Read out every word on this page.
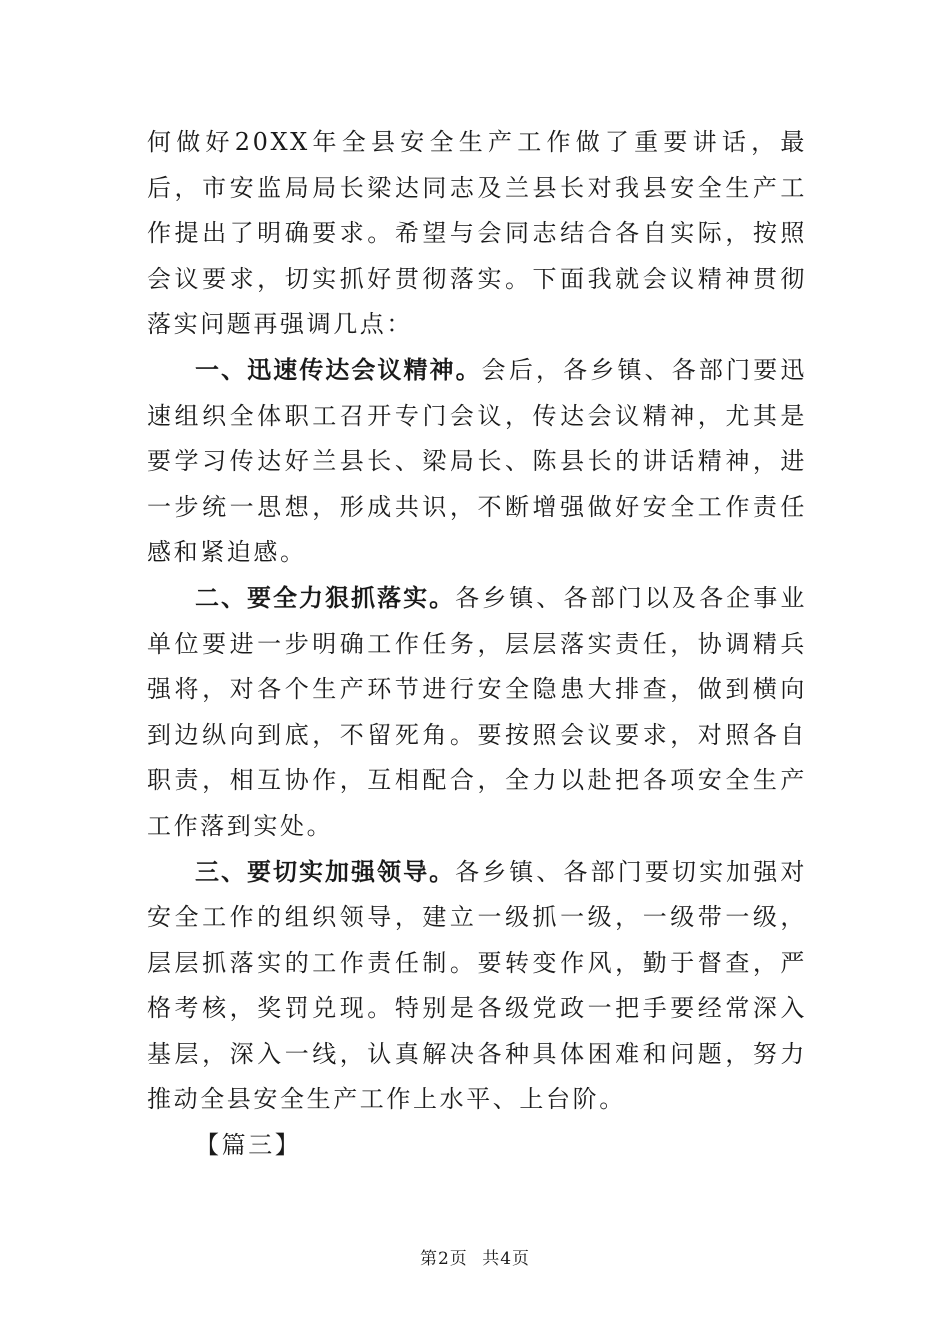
何做好20XX年全县安全生产工作做了重要讲话，最后，市安监局局长梁达同志及兰县长对我县安全生产工作提出了明确要求。希望与会同志结合各自实际，按照会议要求，切实抓好贯彻落实。下面我就会议精神贯彻落实问题再强调几点：

一、迅速传达会议精神。会后，各乡镇、各部门要迅速组织全体职工召开专门会议，传达会议精神，尤其是要学习传达好兰县长、梁局长、陈县长的讲话精神，进一步统一思想，形成共识，不断增强做好安全工作责任感和紧迫感。

二、要全力狠抓落实。各乡镇、各部门以及各企事业单位要进一步明确工作任务，层层落实责任，协调精兵强将，对各个生产环节进行安全隐患大排查，做到横向到边纵向到底，不留死角。要按照会议要求，对照各自职责，相互协作，互相配合，全力以赴把各项安全生产工作落到实处。

三、要切实加强领导。各乡镇、各部门要切实加强对安全工作的组织领导，建立一级抓一级，一级带一级，层层抓落实的工作责任制。要转变作风，勤于督查，严格考核，奖罚兑现。特别是各级党政一把手要经常深入基层，深入一线，认真解决各种具体困难和问题，努力推动全县安全生产工作上水平、上台阶。

【篇三】

第2页 共4页
